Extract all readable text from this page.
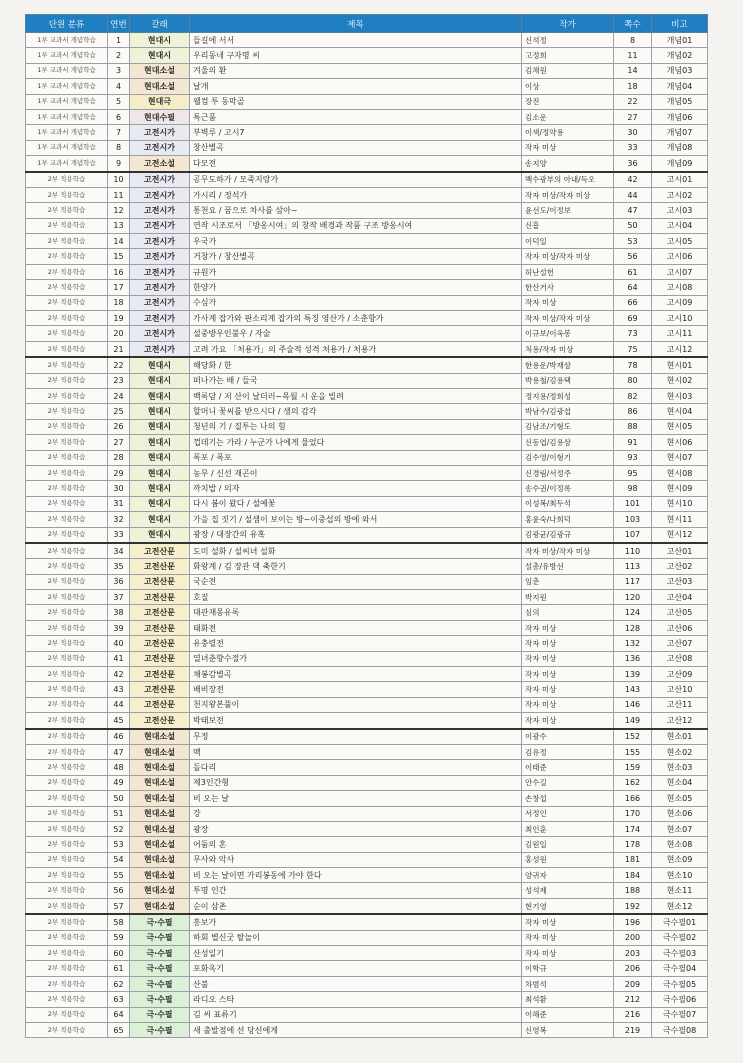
단원 분류	연번	갈래	제목	작가	쪽수	비고
1부 교과서 개념학습	1	현대시	들길에 서서	신석정	8	개념01
1부 교과서 개념학습	2	현대시	우리동네 구자명 씨	고정희	11	개념02
1부 교과서 개념학습	3	현대소설	겨울의 환	김채원	14	개념03
1부 교과서 개념학습	4	현대소설	날개	이상	18	개념04
1부 교과서 개념학습	5	현대극	웰컴 투 동막골	장진	22	개념05
1부 교과서 개념학습	6	현대수필	특근품	김소운	27	개념06
1부 교과서 개념학습	7	고전시가	부벽루 / 고시7	이색/정약용	30	개념07
1부 교과서 개념학습	8	고전시가	창산별곡	작자 미상	33	개념08
1부 교과서 개념학습	9	고전소설	다모전	송지양	36	개념09
2부 적용학습	10	고전시가	공무도하가 / 모죽지랑가	백수광부의 아내/득오	42	고시01
2부 적용학습	11	고전시가	가시리 / 정석가	작자 미상/작자 미상	44	고시02
2부 적용학습	12	고전시가	통천요 / 꿈으로 차사를 삼아~	윤선도/이정보	47	고시03
2부 적용학습	13	고전시가	연작 시조로서 「방옹시여」의 창작 배경과 작품 구조 방옹시여	신흠	50	고시04
2부 적용학습	14	고전시가	우국가	이덕일	53	고시05
2부 적용학습	15	고전시가	거창가 / 창산별곡	작자 미상/작자 미상	56	고시06
2부 적용학습	16	고전시가	규원가	허난설헌	61	고시07
2부 적용학습	17	고전시가	한양가	한산거사	64	고시08
2부 적용학습	18	고전시가	수심가	작자 미상	66	고시09
2부 적용학습	19	고전시가	가사계 잡가와 판소리계 잡가의 특징 영산가 / 소춘향가	작자 미상/작자 미상	69	고시10
2부 적용학습	20	고전시가	설중방우인불우 / 자술	이규보/이옥봉	73	고시11
2부 적용학습	21	고전시가	고려 가요 「처용가」의 주술적 성격 처용가 / 처용가	처용/작자 미상	75	고시12
2부 적용학습	22	현대시	해당화 / 한	한용운/박재삼	78	현시01
2부 적용학습	23	현대시	떠나가는 배 / 들국	박용철/김용택	80	현시02
2부 적용학습	24	현대시	백록담 / 저 산이 날더러~목월 시 운을 빌려	정지용/정희성	82	현시03
2부 적용학습	25	현대시	할머니 꽃씨를 받으시다 / 생의 감각	박남수/김광섭	86	현시04
2부 적용학습	26	현대시	청년의 기 / 질투는 나의 힘	김남조/기형도	88	현시05
2부 적용학습	27	현대시	껍데기는 가라 / 누군가 나에게 물었다	신동엽/김용삼	91	현시06
2부 적용학습	28	현대시	폭포 / 폭포	김수영/이형기	93	현시07
2부 적용학습	29	현대시	농무 / 신선 재곤이	신경림/서정주	95	현시08
2부 적용학습	30	현대시	까치밥 / 의자	송수권/이정록	98	현시09
2부 적용학습	31	현대시	다시 봄이 왔다 / 설예꽃	이성복/최두석	101	현시10
2부 적용학습	32	현대시	가을 집 짓기 / 설샘이 보이는 방~이중섭의 방에 와서	홍윤숙/나희덕	103	현시11
2부 적용학습	33	현대시	광장 / 대장간의 유혹	김광균/김광규	107	현시12
2부 적용학습	34	고전산문	도미 설화 / 설씨녀 설화	작자 미상/작자 미상	110	고산01
2부 적용학습	35	고전산문	화왕계 / 김 장관 댁 축한기	설총/유방선	113	고산02
2부 적용학습	36	고전산문	국순전	임춘	117	고산03
2부 적용학습	37	고전산문	호질	박지원	120	고산04
2부 적용학습	38	고전산문	대관재몽유록	심의	124	고산05
2부 적용학습	39	고전산문	태화전	작자 미상	128	고산06
2부 적용학습	40	고전산문	유충렬전	작자 미상	132	고산07
2부 적용학습	41	고전산문	열녀춘향수절가	작자 미상	136	고산08
2부 적용학습	42	고전산문	채봉감별곡	작자 미상	139	고산09
2부 적용학습	43	고전산문	배비장전	작자 미상	143	고산10
2부 적용학습	44	고전산문	천지왕본풀이	작자 미상	146	고산11
2부 적용학습	45	고전산문	박태보전	작자 미상	149	고산12
2부 적용학습	46	현대소설	무정	이광수	152	현소01
2부 적용학습	47	현대소설	맥	김유정	155	현소02
2부 적용학습	48	현대소설	돌다리	이태준	159	현소03
2부 적용학습	49	현대소설	제3인간형	안수길	162	현소04
2부 적용학습	50	현대소설	비 오는 날	손창섭	166	현소05
2부 적용학습	51	현대소설	강	서정인	170	현소06
2부 적용학습	52	현대소설	광장	최인훈	174	현소07
2부 적용학습	53	현대소설	어둠의 혼	김원일	178	현소08
2부 적용학습	54	현대소설	무사와 악사	홍성원	181	현소09
2부 적용학습	55	현대소설	비 오는 날이면 가리봉동에 가야 한다	양귀자	184	현소10
2부 적용학습	56	현대소설	투명 인간	성석제	188	현소11
2부 적용학습	57	현대소설	순이 삼촌	현기영	192	현소12
2부 적용학습	58	극·수필	흥보가	작자 미상	196	극수필01
2부 적용학습	59	극·수필	하회 별신굿 탈놀이	작자 미상	200	극수필02
2부 적용학습	60	극·수필	산성일기	작자 미상	203	극수필03
2부 적용학습	61	극·수필	포화옥기	이학규	206	극수필04
2부 적용학습	62	극·수필	산불	차범석	209	극수필05
2부 적용학습	63	극·수필	라디오 스타	최석환	212	극수필06
2부 적용학습	64	극·수필	김 씨 표류기	이해준	216	극수필07
2부 적용학습	65	극·수필	새 출발점에 선 당신에게	신영복	219	극수필08
